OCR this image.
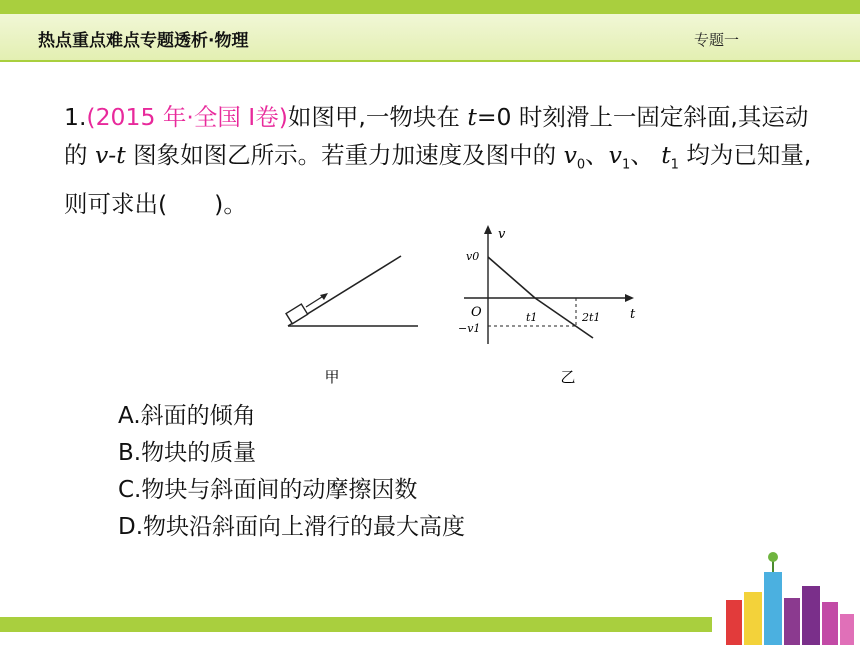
热点重点难点专题透析·物理	专题一
1.(2015 年·全国 Ⅰ卷)如图甲,一物块在 t=0 时刻滑上一固定斜面,其运动的 v-t 图象如图乙所示。若重力加速度及图中的 $v_0$、$v_1$、 $t_1$ 均为已知量,则可求出(　　)。
甲
v
t
v0
O
−v1
t1	2t1
乙
A.斜面的倾角
B.物块的质量
C.物块与斜面间的动摩擦因数
D.物块沿斜面向上滑行的最大高度
